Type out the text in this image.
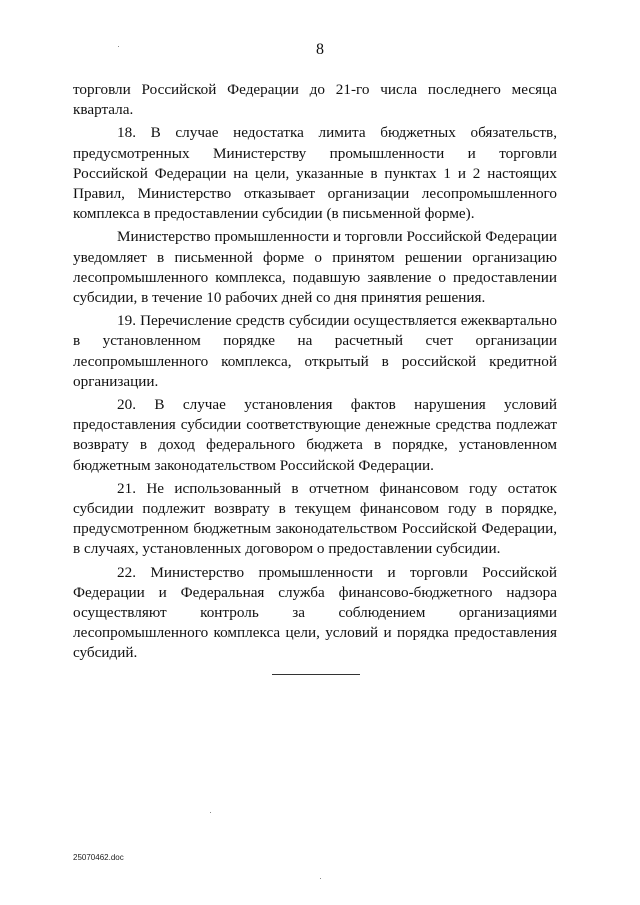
8

торговли Российской Федерации до 21-го числа последнего месяца квартала.

18. В случае недостатка лимита бюджетных обязательств, предусмотренных Министерству промышленности и торговли Российской Федерации на цели, указанные в пунктах 1 и 2 настоящих Правил, Министерство отказывает организации лесопромышленного комплекса в предоставлении субсидии (в письменной форме).

Министерство промышленности и торговли Российской Федерации уведомляет в письменной форме о принятом решении организацию лесопромышленного комплекса, подавшую заявление о предоставлении субсидии, в течение 10 рабочих дней со дня принятия решения.

19. Перечисление средств субсидии осуществляется ежеквартально в установленном порядке на расчетный счет организации лесопромышленного комплекса, открытый в российской кредитной организации.

20. В случае установления фактов нарушения условий предоставления субсидии соответствующие денежные средства подлежат возврату в доход федерального бюджета в порядке, установленном бюджетным законодательством Российской Федерации.

21. Не использованный в отчетном финансовом году остаток субсидии подлежит возврату в текущем финансовом году в порядке, предусмотренном бюджетным законодательством Российской Федерации, в случаях, установленных договором о предоставлении субсидии.

22. Министерство промышленности и торговли Российской Федерации и Федеральная служба финансово-бюджетного надзора осуществляют контроль за соблюдением организациями лесопромышленного комплекса цели, условий и порядка предоставления субсидий.

25070462.doc
